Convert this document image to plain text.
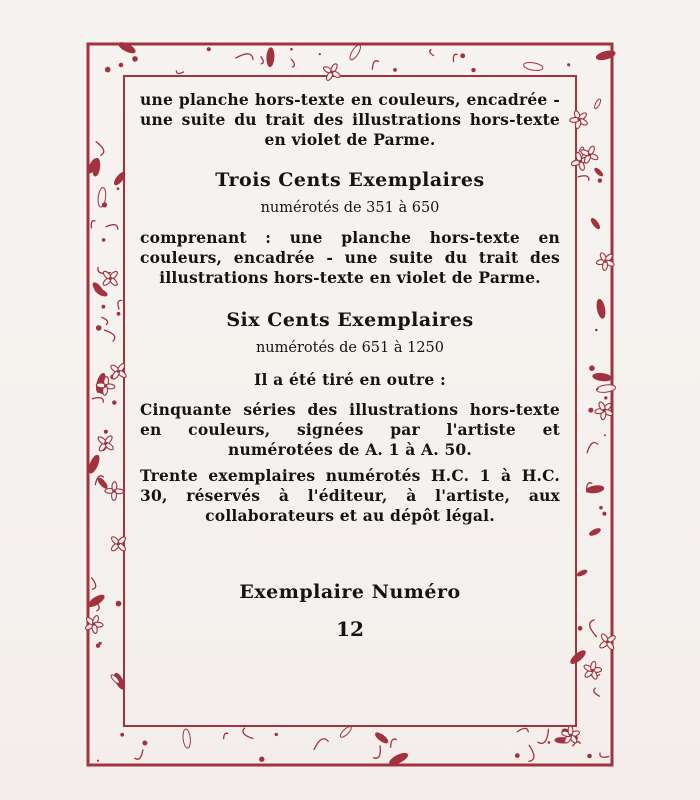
une planche hors-texte en couleurs, encadrée - une suite du trait des illustrations hors-texte en violet de Parme.

Trois Cents Exemplaires

numérotés de 351 à 650

comprenant : une planche hors-texte en couleurs, encadrée - une suite du trait des illustrations hors-texte en violet de Parme.

Six Cents Exemplaires

numérotés de 651 à 1250

Il a été tiré en outre :

Cinquante séries des illustrations hors-texte en couleurs, signées par l'artiste et numérotées de A. 1 à A. 50.

Trente exemplaires numérotés H.C. 1 à H.C. 30, réservés à l'éditeur, à l'artiste, aux collaborateurs et au dépôt légal.

Exemplaire Numéro

12
